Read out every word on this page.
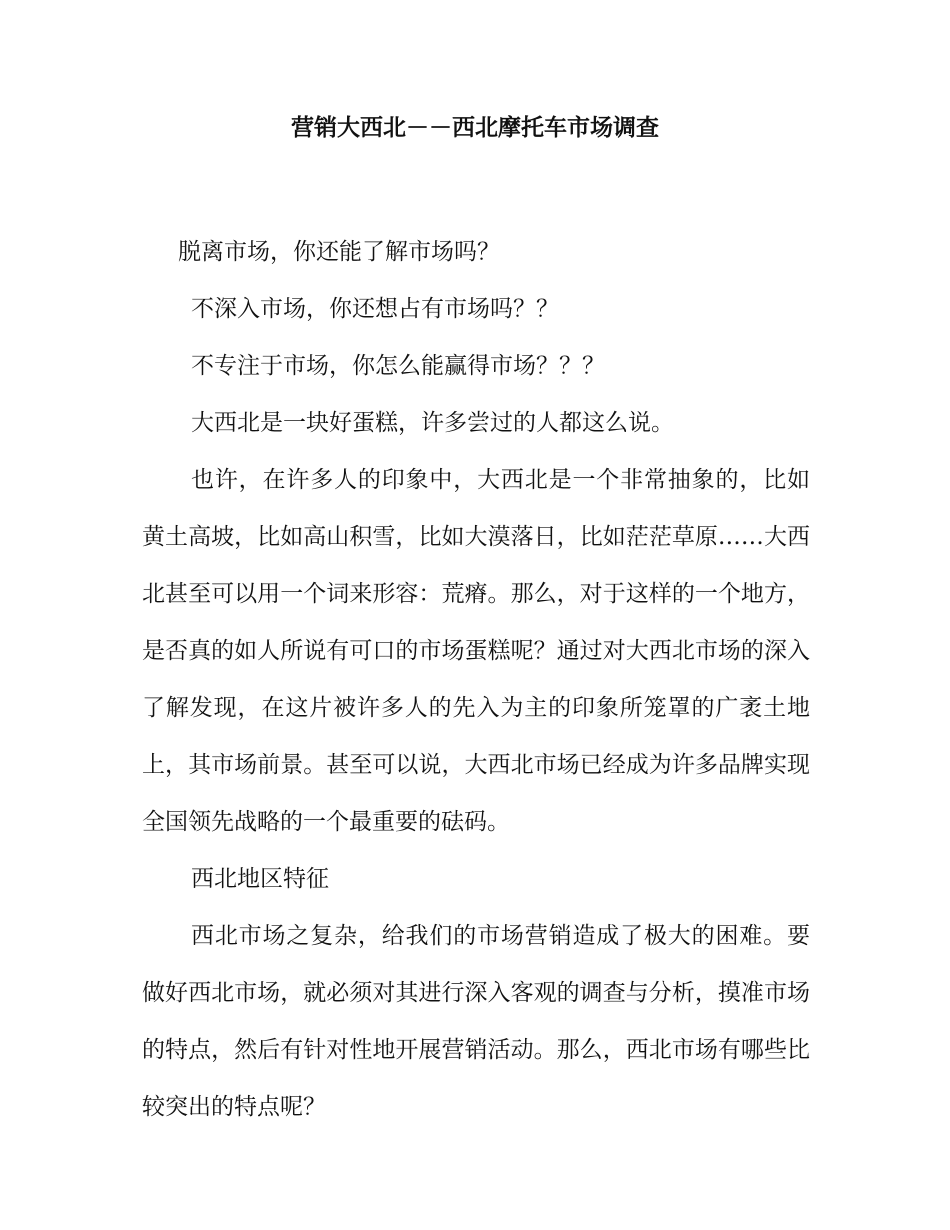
营销大西北－－西北摩托车市场调查

脱离市场，你还能了解市场吗？

不深入市场，你还想占有市场吗？？

不专注于市场，你怎么能赢得市场？？？

大西北是一块好蛋糕，许多尝过的人都这么说。

也许，在许多人的印象中，大西北是一个非常抽象的，比如黄土高坡，比如高山积雪，比如大漠落日，比如茫茫草原……大西北甚至可以用一个词来形容：荒瘠。那么，对于这样的一个地方，是否真的如人所说有可口的市场蛋糕呢？通过对大西北市场的深入了解发现，在这片被许多人的先入为主的印象所笼罩的广袤土地上，其市场前景。甚至可以说，大西北市场已经成为许多品牌实现全国领先战略的一个最重要的砝码。

西北地区特征

西北市场之复杂，给我们的市场营销造成了极大的困难。要做好西北市场，就必须对其进行深入客观的调查与分析，摸准市场的特点，然后有针对性地开展营销活动。那么，西北市场有哪些比较突出的特点呢？
